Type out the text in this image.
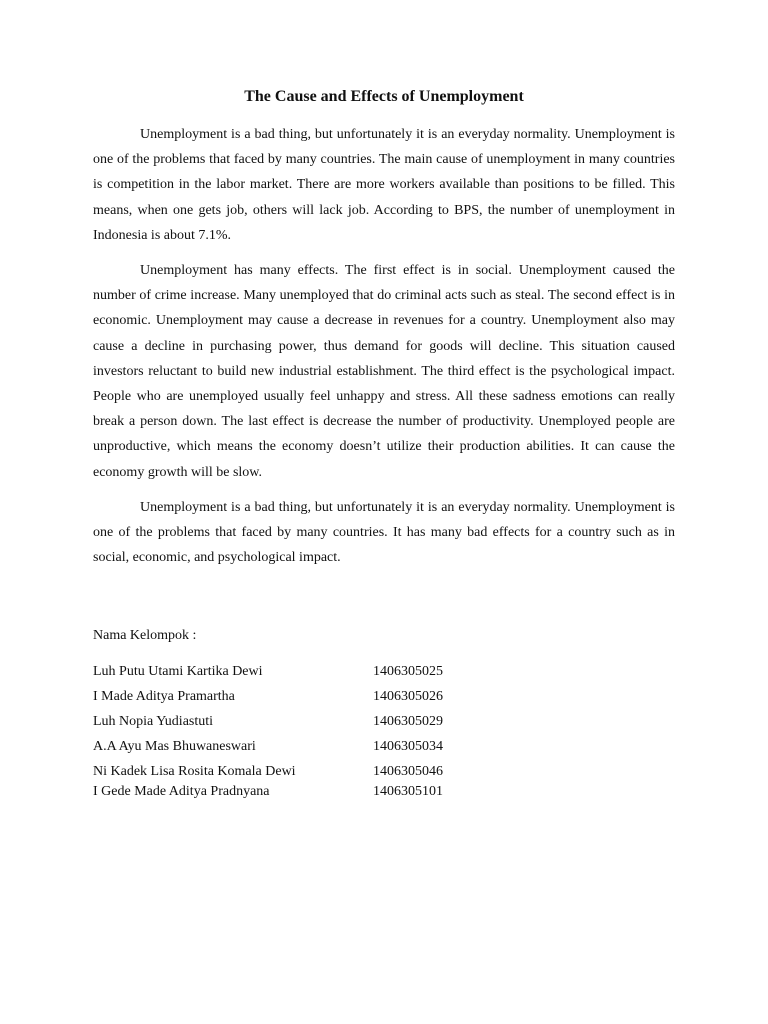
The Cause and Effects of Unemployment

Unemployment is a bad thing, but unfortunately it is an everyday normality. Unemployment is one of the problems that faced by many countries. The main cause of unemployment in many countries is competition in the labor market. There are more workers available than positions to be filled. This means, when one gets job, others will lack job. According to BPS, the number of unemployment in Indonesia is about 7.1%.

Unemployment has many effects. The first effect is in social. Unemployment caused the number of crime increase. Many unemployed that do criminal acts such as steal. The second effect is in economic. Unemployment may cause a decrease in revenues for a country. Unemployment also may cause a decline in purchasing power, thus demand for goods will decline. This situation caused investors reluctant to build new industrial establishment. The third effect is the psychological impact. People who are unemployed usually feel unhappy and stress. All these sadness emotions can really break a person down. The last effect is decrease the number of productivity. Unemployed people are unproductive, which means the economy doesn’t utilize their production abilities. It can cause the economy growth will be slow.

Unemployment is a bad thing, but unfortunately it is an everyday normality. Unemployment is one of the problems that faced by many countries. It has many bad effects for a country such as in social, economic, and psychological impact.

Nama Kelompok :
Luh Putu Utami Kartika Dewi	1406305025
I Made Aditya Pramartha	1406305026
Luh Nopia Yudiastuti	1406305029
A.A Ayu Mas Bhuwaneswari	1406305034
Ni Kadek Lisa Rosita Komala Dewi	1406305046
I Gede Made Aditya Pradnyana	1406305101
